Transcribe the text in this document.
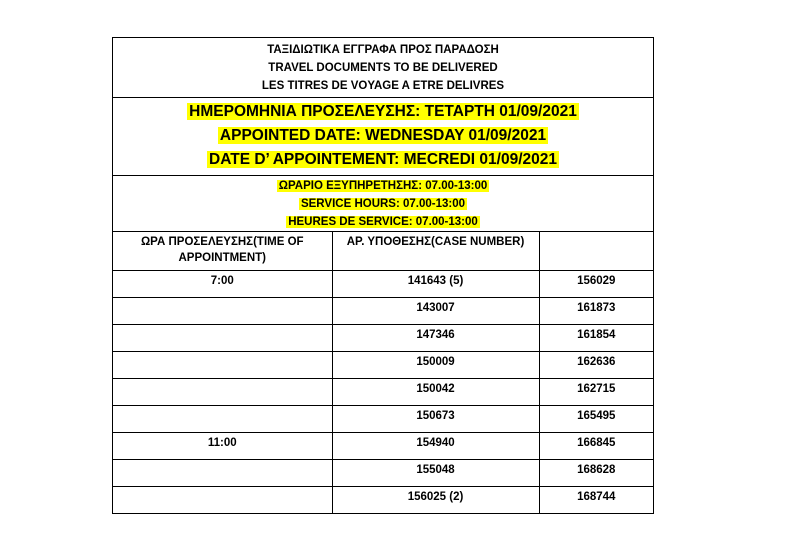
ΤΑΞΙΔΙΩΤΙΚΑ ΕΓΓΡΑΦΑ ΠΡΟΣ ΠΑΡΑΔΟΣΗ
TRAVEL DOCUMENTS TO BE DELIVERED
LES TITRES DE VOYAGE A ETRE DELIVRES
ΗΜΕΡΟΜΗΝΙΑ ΠΡΟΣΕΛΕΥΣΗΣ: ΤΕΤΑΡΤΗ 01/09/2021
APPOINTED DATE: WEDNESDAY 01/09/2021
DATE D’ APPOINTEMENT: MECREDI 01/09/2021
ΩΡΑΡΙΟ ΕΞΥΠΗΡΕΤΗΣΗΣ: 07.00-13:00
SERVICE HOURS: 07.00-13:00
HEURES DE SERVICE: 07.00-13:00
ΩΡΑ ΠΡΟΣΕΛΕΥΣΗΣ(TIME OF APPOINTMENT)	ΑΡ. ΥΠΟΘΕΣΗΣ(CASE NUMBER)	
7:00	141643 (5)	156029
	143007	161873
	147346	161854
	150009	162636
	150042	162715
	150673	165495
11:00	154940	166845
	155048	168628
	156025 (2)	168744
